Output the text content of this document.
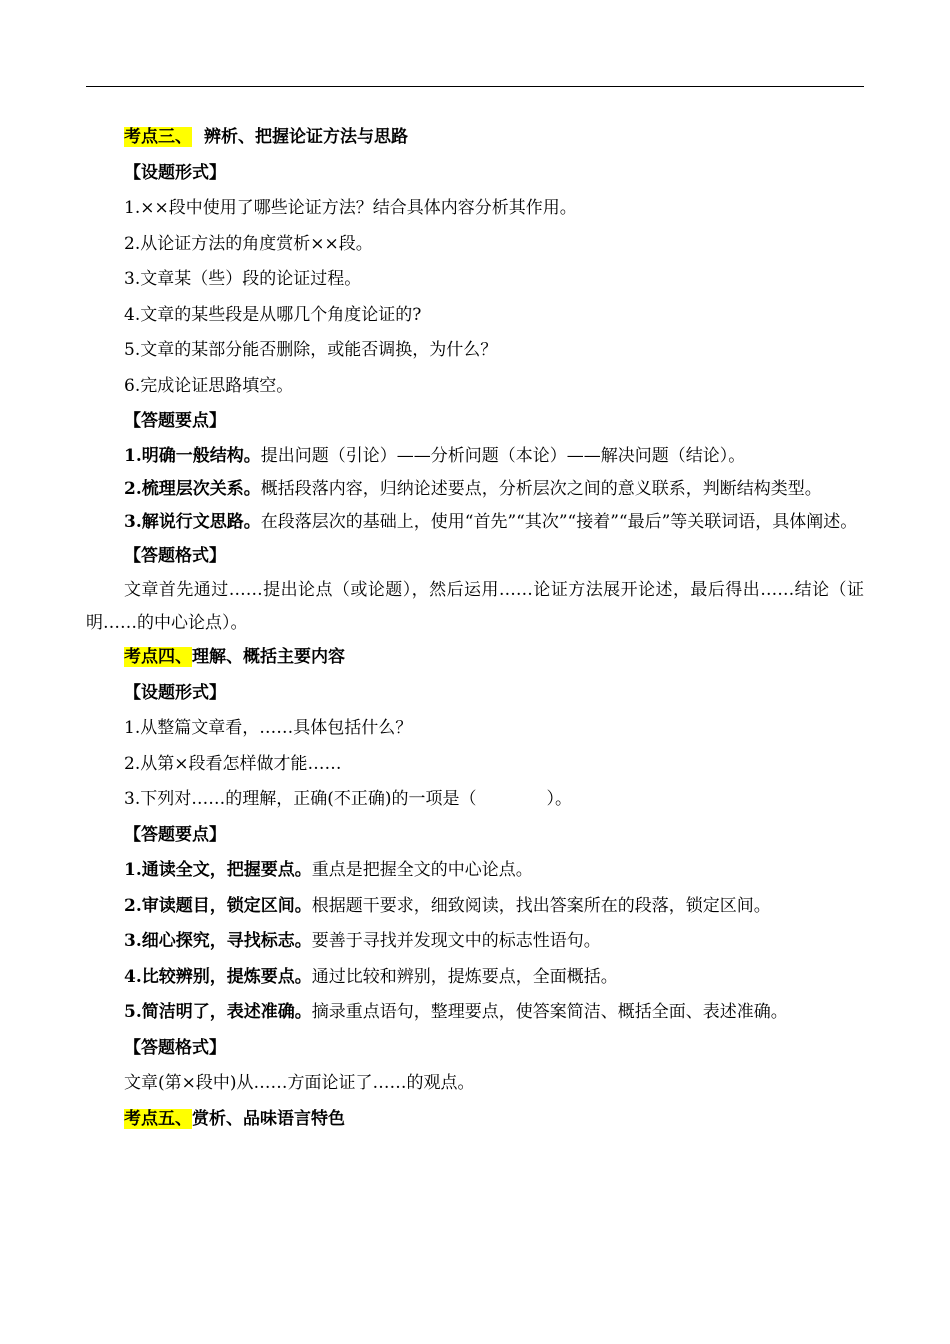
考点三、 辨析、把握论证方法与思路
【设题形式】
1.××段中使用了哪些论证方法？结合具体内容分析其作用。
2.从论证方法的角度赏析××段。
3.文章某（些）段的论证过程。
4.文章的某些段是从哪几个角度论证的?
5.文章的某部分能否删除，或能否调换，为什么？
6.完成论证思路填空。
【答题要点】
1.明确一般结构。提出问题（引论）——分析问题（本论）——解决问题（结论）。
2.梳理层次关系。概括段落内容，归纳论述要点，分析层次之间的意义联系，判断结构类型。
3.解说行文思路。在段落层次的基础上，使用“首先”“其次”“接着”“最后”等关联词语，具体阐述。
【答题格式】
文章首先通过……提出论点（或论题），然后运用……论证方法展开论述，最后得出……结论（证明……的中心论点）。
考点四、理解、概括主要内容
【设题形式】
1.从整篇文章看，……具体包括什么？
2.从第×段看怎样做才能……
3.下列对……的理解，正确(不正确)的一项是（	）。
【答题要点】
1.通读全文，把握要点。重点是把握全文的中心论点。
2.审读题目，锁定区间。根据题干要求，细致阅读，找出答案所在的段落，锁定区间。
3.细心探究，寻找标志。要善于寻找并发现文中的标志性语句。
4.比较辨别，提炼要点。通过比较和辨别，提炼要点，全面概括。
5.简洁明了，表述准确。摘录重点语句，整理要点，使答案简洁、概括全面、表述准确。
【答题格式】
文章(第×段中)从……方面论证了……的观点。
考点五、赏析、品味语言特色
